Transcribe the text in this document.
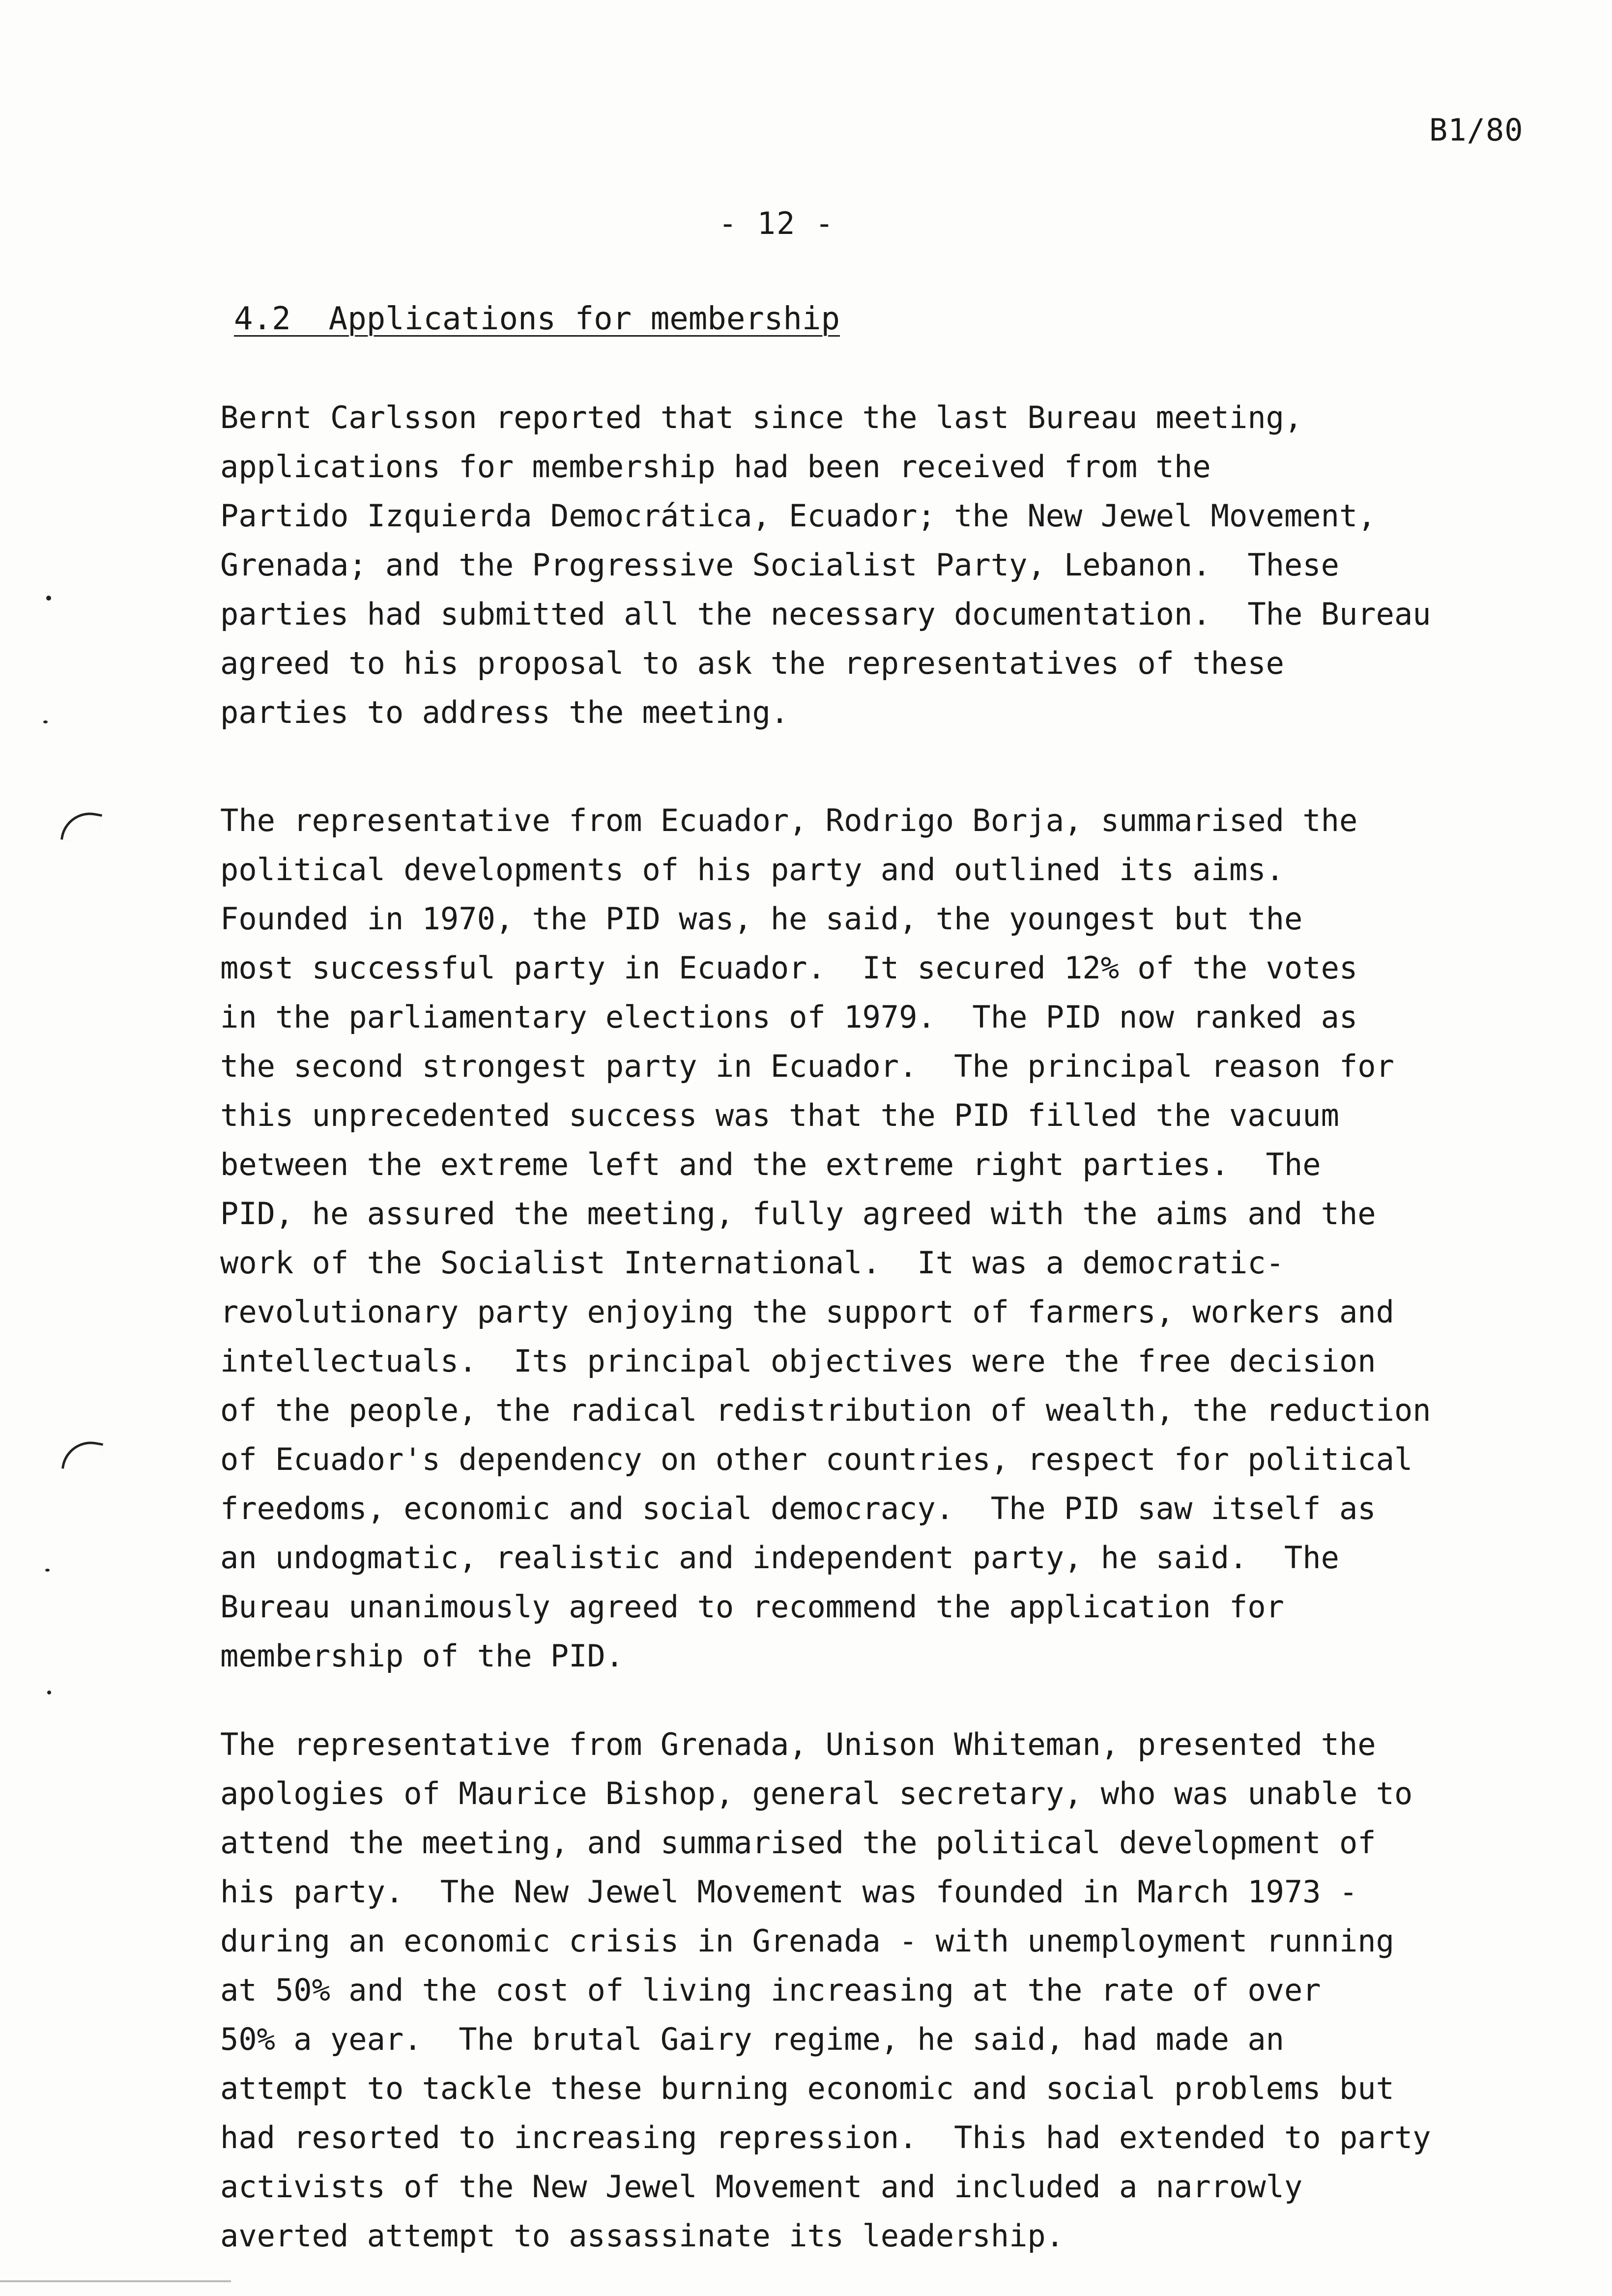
B1/80
- 12 -
4.2  Applications for membership
Bernt Carlsson reported that since the last Bureau meeting,
applications for membership had been received from the
Partido Izquierda Democrática, Ecuador; the New Jewel Movement,
Grenada; and the Progressive Socialist Party, Lebanon.  These
parties had submitted all the necessary documentation.  The Bureau
agreed to his proposal to ask the representatives of these
parties to address the meeting.
The representative from Ecuador, Rodrigo Borja, summarised the
political developments of his party and outlined its aims.
Founded in 1970, the PID was, he said, the youngest but the
most successful party in Ecuador.  It secured 12% of the votes
in the parliamentary elections of 1979.  The PID now ranked as
the second strongest party in Ecuador.  The principal reason for
this unprecedented success was that the PID filled the vacuum
between the extreme left and the extreme right parties.  The
PID, he assured the meeting, fully agreed with the aims and the
work of the Socialist International.  It was a democratic-
revolutionary party enjoying the support of farmers, workers and
intellectuals.  Its principal objectives were the free decision
of the people, the radical redistribution of wealth, the reduction
of Ecuador's dependency on other countries, respect for political
freedoms, economic and social democracy.  The PID saw itself as
an undogmatic, realistic and independent party, he said.  The
Bureau unanimously agreed to recommend the application for
membership of the PID.
The representative from Grenada, Unison Whiteman, presented the
apologies of Maurice Bishop, general secretary, who was unable to
attend the meeting, and summarised the political development of
his party.  The New Jewel Movement was founded in March 1973 -
during an economic crisis in Grenada - with unemployment running
at 50% and the cost of living increasing at the rate of over
50% a year.  The brutal Gairy regime, he said, had made an
attempt to tackle these burning economic and social problems but
had resorted to increasing repression.  This had extended to party
activists of the New Jewel Movement and included a narrowly
averted attempt to assassinate its leadership.
